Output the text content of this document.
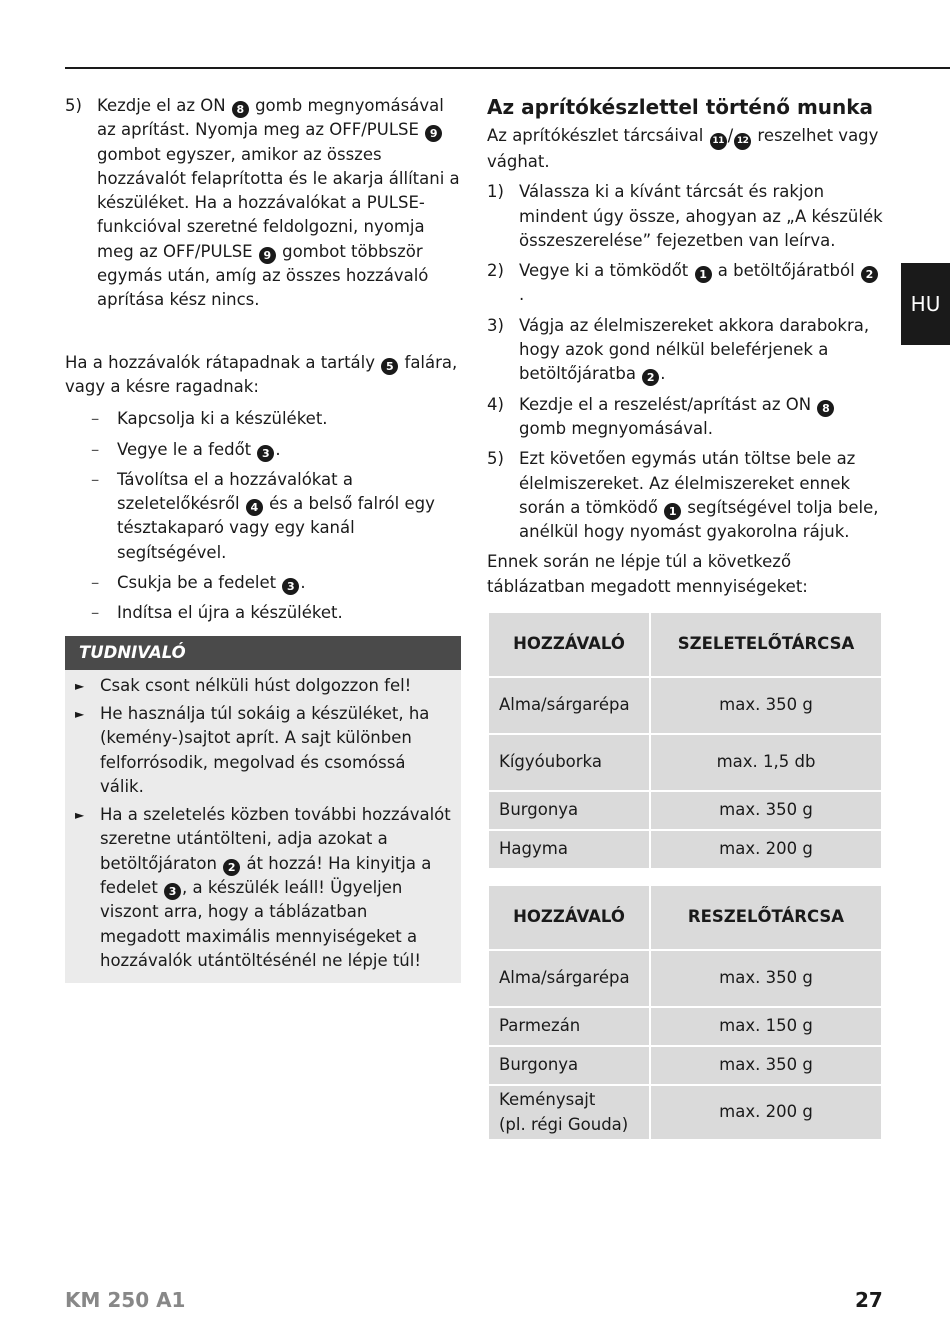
5) Kezdje el az ON 8 gomb megnyomásával az aprítást. Nyomja meg az OFF/PULSE 9 gombot egyszer, amikor az összes hozzávalót felaprította és le akarja állítani a készüléket. Ha a hozzávalókat a PULSE-funkcióval szeretné feldolgozni, nyomja meg az OFF/PULSE 9 gombot többször egymás után, amíg az összes hozzávaló aprítása kész nincs.

Ha a hozzávalók rátapadnak a tartály 5 falára, vagy a késre ragadnak:

–	Kapcsolja ki a készüléket.
–	Vegye le a fedőt 3 .
–	Távolítsa el a hozzávalókat a szeletelőkésről 4 és a belső falról egy tésztakaparó vagy egy kanál segítségével.
–	Csukja be a fedelet 3 .
–	Indítsa el újra a készüléket.
TUDNIVALÓ
► Csak csont nélküli húst dolgozzon fel!
► He használja túl sokáig a készüléket, ha (kemény-)sajtot aprít. A sajt különben felforrósodik, megolvad és csomóssá válik.
► Ha a szeletelés közben további hozzávalót szeretne utántölteni, adja azokat a betöltőjáraton 2 át hozzá! Ha kinyitja a fedelet 3 , a készülék leáll! Ügyeljen viszont arra, hogy a táblázatban megadott maximális mennyiségeket a hozzávalók utántöltésénél ne lépje túl!
Az aprítókészlettel történő munka

Az aprítókészlet tárcsáival 11 / 12 reszelhet vagy vághat.

1) Válassza ki a kívánt tárcsát és rakjon mindent úgy össze, ahogyan az „A készülék összeszerelése” fejezetben van leírva.
2) Vegye ki a tömködőt 1 a betöltőjáratból 2.
3) Vágja az élelmiszereket akkora darabokra, hogy azok gond nélkül beleférjenek a betöltőjáratba 2 .
4) Kezdje el a reszelést/aprítást az ON 8 gomb megnyomásával.
5) Ezt követően egymás után töltse bele az élelmiszereket. Az élelmiszereket ennek során a tömködő 1 segítségével tolja bele, anélkül hogy nyomást gyakorolna rájuk.

Ennek során ne lépje túl a következő táblázatban megadott mennyiségeket:

HOZZÁVALÓ	SZELETELŐTÁRCSA
Alma/sárgarépa	max. 350 g
Kígyóuborka	max. 1,5 db
Burgonya	max. 350 g
Hagyma	max. 200 g
HOZZÁVALÓ	RESZELŐTÁRCSA
Alma/sárgarépa	max. 350 g
Parmezán	max. 150 g
Burgonya	max. 350 g
Keménysajt
(pl. régi Gouda)	max. 200 g
HU
KM 250 A1	27
